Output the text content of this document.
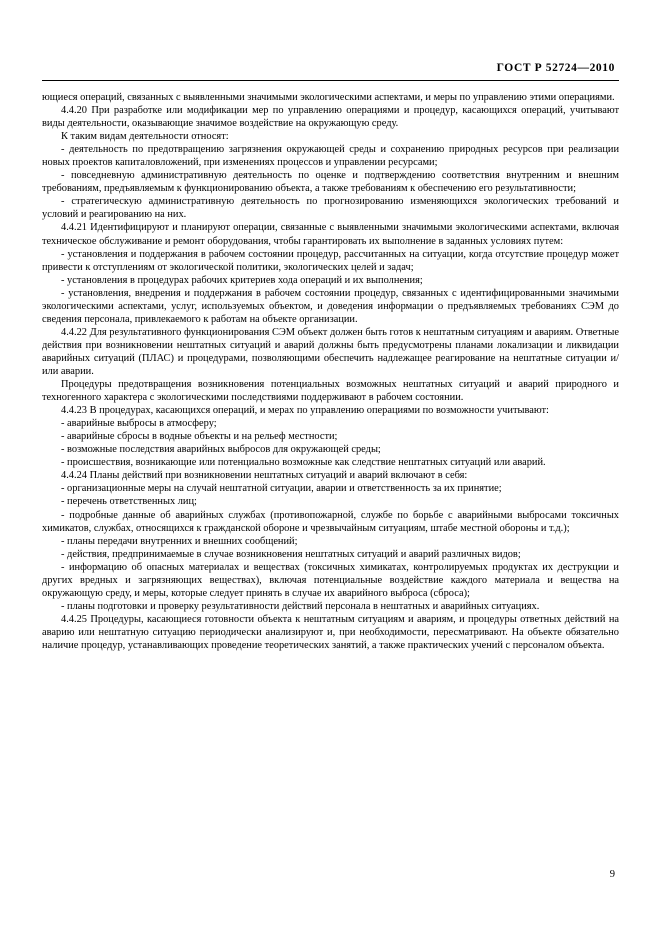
ГОСТ Р 52724—2010

ющиеся операций, связанных с выявленными значимыми экологическими аспектами, и меры по управлению этими операциями.

4.4.20 При разработке или модификации мер по управлению операциями и процедур, касающихся операций, учитывают виды деятельности, оказывающие значимое воздействие на окружающую среду.

К таким видам деятельности относят:

- деятельность по предотвращению загрязнения окружающей среды и сохранению природных ресурсов при реализации новых проектов капиталовложений, при изменениях процессов и управлении ресурсами;

- повседневную административную деятельность по оценке и подтверждению соответствия внутренним и внешним требованиям, предъявляемым к функционированию объекта, а также требованиям к обеспечению его результативности;

- стратегическую административную деятельность по прогнозированию изменяющихся экологических требований и условий и реагированию на них.

4.4.21 Идентифицируют и планируют операции, связанные с выявленными значимыми экологическими аспектами, включая техническое обслуживание и ремонт оборудования, чтобы гарантировать их выполнение в заданных условиях путем:

- установления и поддержания в рабочем состоянии процедур, рассчитанных на ситуации, когда отсутствие процедур может привести к отступлениям от экологической политики, экологических целей и задач;

- установления в процедурах рабочих критериев хода операций и их выполнения;

- установления, внедрения и поддержания в рабочем состоянии процедур, связанных с идентифицированными значимыми экологическими аспектами, услуг, используемых объектом, и доведения информации о предъявляемых требованиях СЭМ до сведения персонала, привлекаемого к работам на объекте организации.

4.4.22 Для результативного функционирования СЭМ объект должен быть готов к нештатным ситуациям и авариям. Ответные действия при возникновении нештатных ситуаций и аварий должны быть предусмотрены планами локализации и ликвидации аварийных ситуаций (ПЛАС) и процедурами, позволяющими обеспечить надлежащее реагирование на нештатные ситуации и/или аварии.

Процедуры предотвращения возникновения потенциальных возможных нештатных ситуаций и аварий природного и техногенного характера с экологическими последствиями поддерживают в рабочем состоянии.

4.4.23 В процедурах, касающихся операций, и мерах по управлению операциями по возможности учитывают:

- аварийные выбросы в атмосферу;

- аварийные сбросы в водные объекты и на рельеф местности;

- возможные последствия аварийных выбросов для окружающей среды;

- происшествия, возникающие или потенциально возможные как следствие нештатных ситуаций или аварий.

4.4.24 Планы действий при возникновении нештатных ситуаций и аварий включают в себя:

- организационные меры на случай нештатной ситуации, аварии и ответственность за их принятие;

- перечень ответственных лиц;

- подробные данные об аварийных службах (противопожарной, службе по борьбе с аварийными выбросами токсичных химикатов, службах, относящихся к гражданской обороне и чрезвычайным ситуациям, штабе местной обороны и т.д.);

- планы передачи внутренних и внешних сообщений;

- действия, предпринимаемые в случае возникновения нештатных ситуаций и аварий различных видов;

- информацию об опасных материалах и веществах (токсичных химикатах, контролируемых продуктах их деструкции и других вредных и загрязняющих веществах), включая потенциальные воздействие каждого материала и вещества на окружающую среду, и меры, которые следует принять в случае их аварийного выброса (сброса);

- планы подготовки и проверку результативности действий персонала в нештатных и аварийных ситуациях.

4.4.25 Процедуры, касающиеся готовности объекта к нештатным ситуациям и авариям, и процедуры ответных действий на аварию или нештатную ситуацию периодически анализируют и, при необходимости, пересматривают. На объекте обязательно наличие процедур, устанавливающих проведение теоретических занятий, а также практических учений с персоналом объекта.

9
